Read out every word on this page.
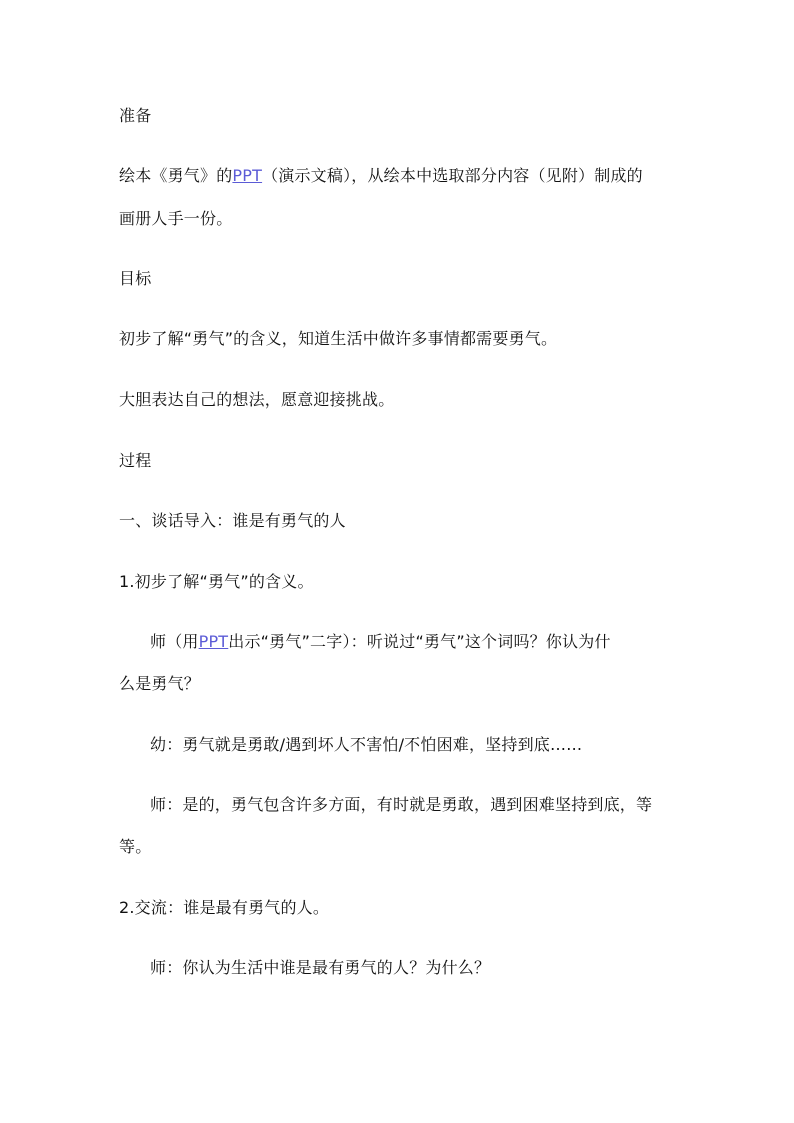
准备
绘本《勇气》的PPT（演示文稿），从绘本中选取部分内容（见附）制成的
画册人手一份。
目标
初步了解“勇气”的含义，知道生活中做许多事情都需要勇气。
大胆表达自己的想法，愿意迎接挑战。
过程
一、谈话导入：谁是有勇气的人
1.初步了解“勇气”的含义。
师（用PPT出示“勇气”二字）：听说过“勇气”这个词吗？你认为什
么是勇气？
幼：勇气就是勇敢/遇到坏人不害怕/不怕困难，坚持到底……
师：是的，勇气包含许多方面，有时就是勇敢，遇到困难坚持到底，等
等。
2.交流：谁是最有勇气的人。
师：你认为生活中谁是最有勇气的人？为什么？
